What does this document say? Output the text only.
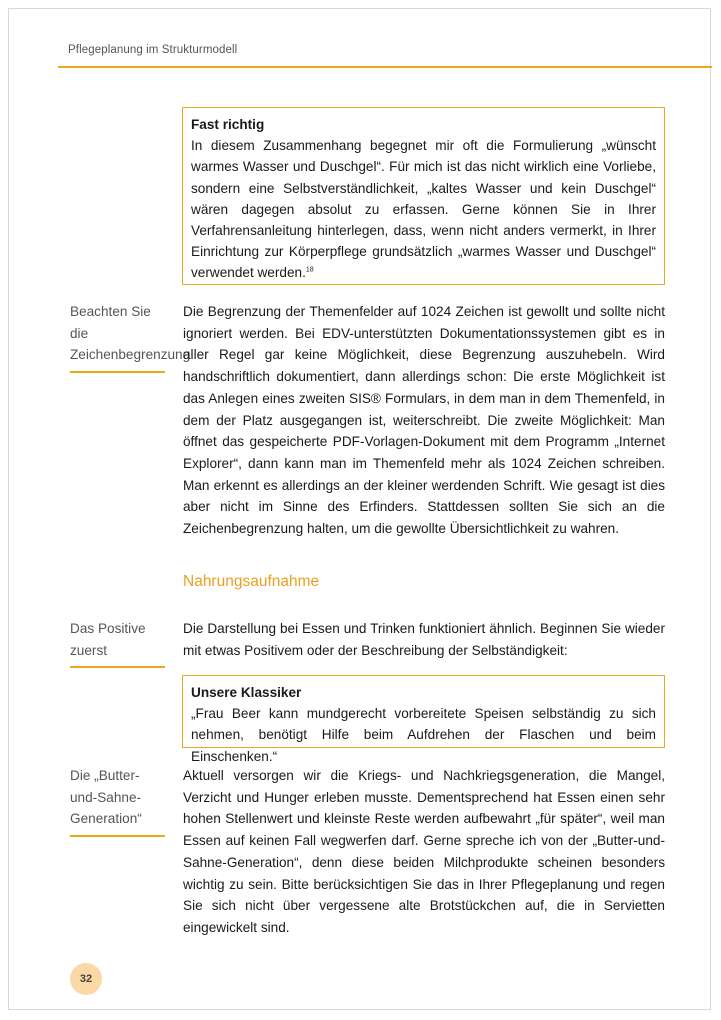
Pflegeplanung im Strukturmodell
Fast richtig

In diesem Zusammenhang begegnet mir oft die Formulierung „wünscht warmes Wasser und Duschgel“. Für mich ist das nicht wirklich eine Vorliebe, sondern eine Selbstverständlichkeit, „kaltes Wasser und kein Duschgel“ wären dagegen absolut zu erfassen. Gerne können Sie in Ihrer Verfahrensanleitung hinterlegen, dass, wenn nicht anders vermerkt, in Ihrer Einrichtung zur Körperpflege grundsätzlich „warmes Wasser und Duschgel“ verwendet werden.$^{18}$

Beachten Sie die Zeichenbegrenzung

Die Begrenzung der Themenfelder auf 1024 Zeichen ist gewollt und sollte nicht ignoriert werden. Bei EDV-unterstützten Dokumentationssystemen gibt es in aller Regel gar keine Möglichkeit, diese Begrenzung auszuhebeln. Wird handschriftlich dokumentiert, dann allerdings schon: Die erste Möglichkeit ist das Anlegen eines zweiten SIS® Formulars, in dem man in dem Themenfeld, in dem der Platz ausgegangen ist, weiterschreibt. Die zweite Möglichkeit: Man öffnet das gespeicherte PDF-Vorlagen-Dokument mit dem Programm „Internet Explorer“, dann kann man im Themenfeld mehr als 1024 Zeichen schreiben. Man erkennt es allerdings an der kleiner werdenden Schrift. Wie gesagt ist dies aber nicht im Sinne des Erfinders. Stattdessen sollten Sie sich an die Zeichenbegrenzung halten, um die gewollte Übersichtlichkeit zu wahren.

Nahrungsaufnahme
Das Positive zuerst

Die Darstellung bei Essen und Trinken funktioniert ähnlich. Beginnen Sie wieder mit etwas Positivem oder der Beschreibung der Selbständigkeit:

Unsere Klassiker

„Frau Beer kann mundgerecht vorbereitete Speisen selbständig zu sich nehmen, benötigt Hilfe beim Aufdrehen der Flaschen und beim Einschenken.“

Die „Butter-und-Sahne-Generation“

Aktuell versorgen wir die Kriegs- und Nachkriegsgeneration, die Mangel, Verzicht und Hunger erleben musste. Dementsprechend hat Essen einen sehr hohen Stellenwert und kleinste Reste werden aufbewahrt „für später“, weil man Essen auf keinen Fall wegwerfen darf. Gerne spreche ich von der „Butter-und-Sahne-Generation“, denn diese beiden Milchprodukte scheinen besonders wichtig zu sein. Bitte berücksichtigen Sie das in Ihrer Pflegeplanung und regen Sie sich nicht über vergessene alte Brotstückchen auf, die in Servietten eingewickelt sind.

32
